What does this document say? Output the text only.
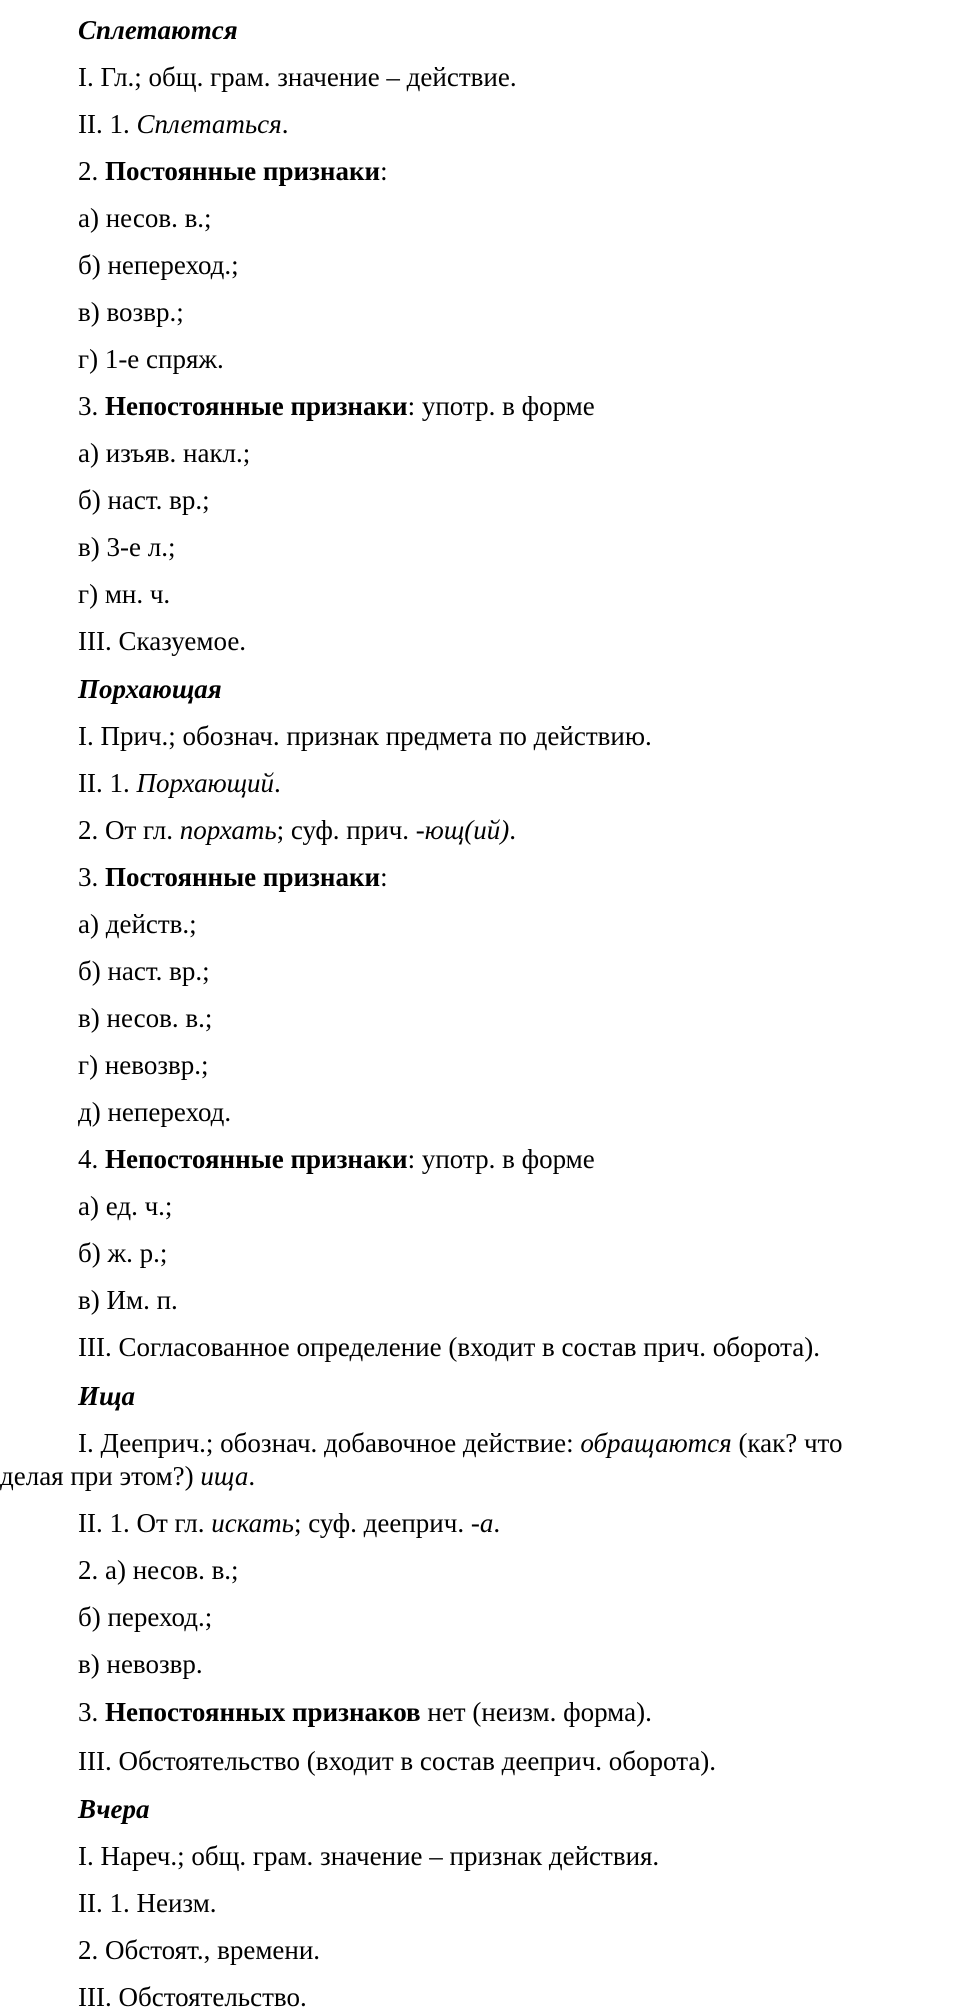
Сплетаются
I. Гл.; общ. грам. значение – действие.
II. 1. Сплетаться.
2. Постоянные признаки:
а) несов. в.;
б) непереход.;
в) возвр.;
г) 1-е спряж.
3. Непостоянные признаки: употр. в форме
а) изъяв. накл.;
б) наст. вр.;
в) 3-е л.;
г) мн. ч.
III. Сказуемое.
Порхающая
I. Прич.; обознач. признак предмета по действию.
II. 1. Порхающий.
2. От гл. порхать; суф. прич. -ющ(ий).
3. Постоянные признаки:
а) действ.;
б) наст. вр.;
в) несов. в.;
г) невозвр.;
д) непереход.
4. Непостоянные признаки: употр. в форме
а) ед. ч.;
б) ж. р.;
в) Им. п.
III. Согласованное определение (входит в состав прич. оборота).
Ища
I. Дееприч.; обознач. добавочное действие: обращаются (как? что
делая при этом?) ища.
II. 1. От гл. искать; суф. дееприч. -а.
2. а) несов. в.;
б) переход.;
в) невозвр.
3. Непостоянных признаков нет (неизм. форма).
III. Обстоятельство (входит в состав дееприч. оборота).
Вчера
I. Нареч.; общ. грам. значение – признак действия.
II. 1. Неизм.
2. Обстоят., времени.
III. Обстоятельство.
